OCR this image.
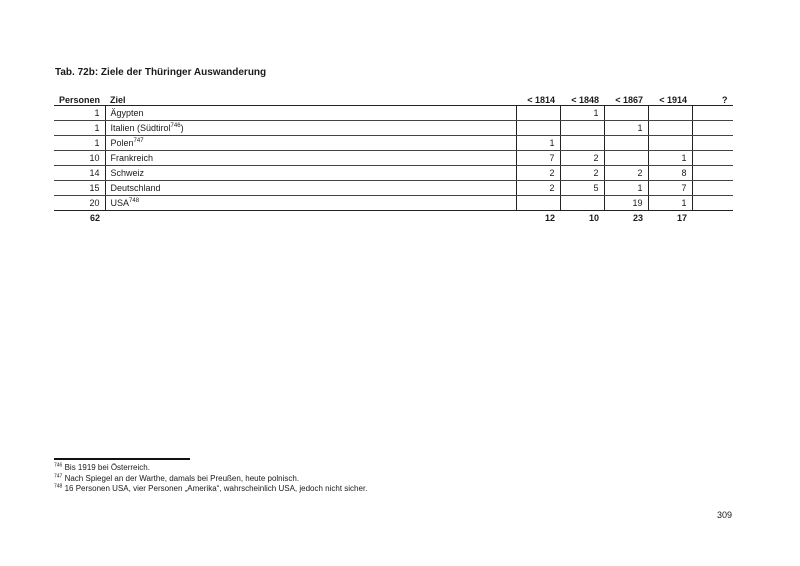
Tab. 72b: Ziele der Thüringer Auswanderung
Personen	Ziel	< 1814	< 1848	< 1867	< 1914	?
1	Ägypten		1			
1	Italien (Südtirol$^{746}$)			1		
1	Polen$^{747}$	1				
10	Frankreich	7	2		1	
14	Schweiz	2	2	2	8	
15	Deutschland	2	5	1	7	
20	USA$^{748}$			19	1	
62		12	10	23	17	
$^{746}$ Bis 1919 bei Österreich.
$^{747}$ Nach Spiegel an der Warthe, damals bei Preußen, heute polnisch.
$^{748}$ 16 Personen USA, vier Personen „Amerika“, wahrscheinlich USA, jedoch nicht sicher.
309
